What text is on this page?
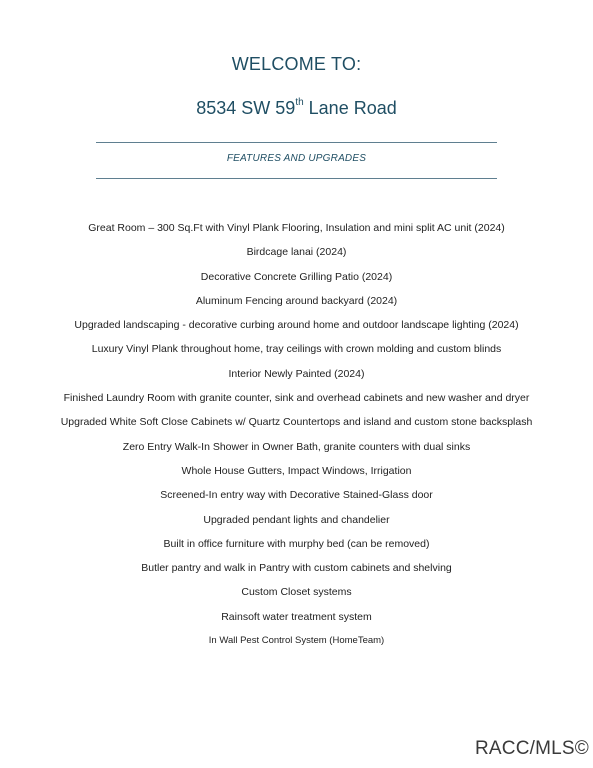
WELCOME TO:
8534 SW 59th Lane Road
FEATURES AND UPGRADES
Great Room – 300 Sq.Ft with Vinyl Plank Flooring, Insulation and mini split AC unit (2024)
Birdcage lanai (2024)
Decorative Concrete Grilling Patio (2024)
Aluminum Fencing around backyard (2024)
Upgraded landscaping - decorative curbing around home and outdoor landscape lighting (2024)
Luxury Vinyl Plank throughout home, tray ceilings with crown molding and custom blinds
Interior Newly Painted (2024)
Finished Laundry Room with granite counter, sink and overhead cabinets and new washer and dryer
Upgraded White Soft Close Cabinets w/ Quartz Countertops and island and custom stone backsplash
Zero Entry Walk-In Shower in Owner Bath, granite counters with dual sinks
Whole House Gutters, Impact Windows, Irrigation
Screened-In entry way with Decorative Stained-Glass door
Upgraded pendant lights and chandelier
Built in office furniture with murphy bed (can be removed)
Butler pantry and walk in Pantry with custom cabinets and shelving
Custom Closet systems
Rainsoft water treatment system
In Wall Pest Control System (HomeTeam)
RACC/MLS©
